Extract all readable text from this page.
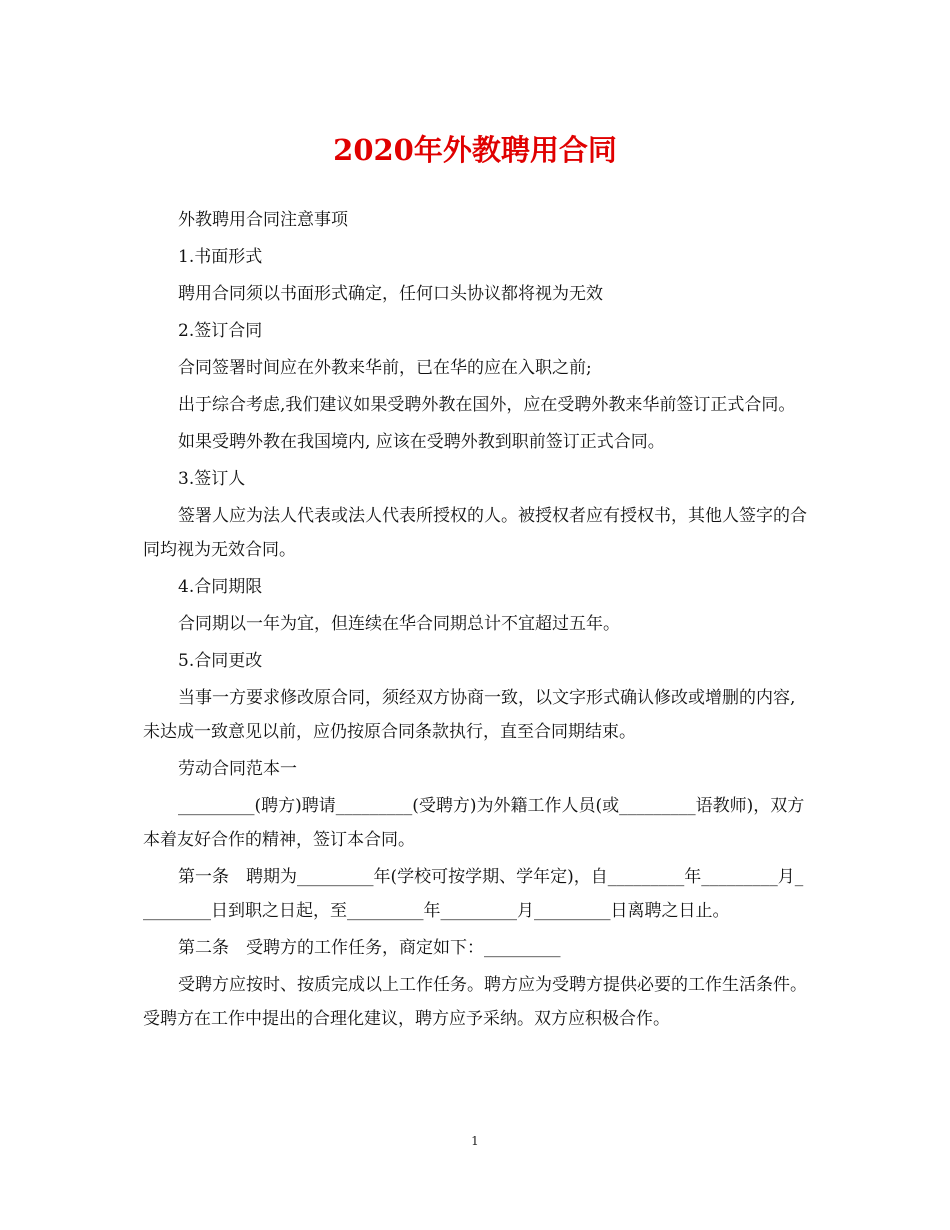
2020年外教聘用合同

外教聘用合同注意事项

1.书面形式

聘用合同须以书面形式确定，任何口头协议都将视为无效

2.签订合同

合同签署时间应在外教来华前，已在华的应在入职之前;

出于综合考虑,我们建议如果受聘外教在国外，应在受聘外教来华前签订正式合同。

如果受聘外教在我国境内, 应该在受聘外教到职前签订正式合同。

3.签订人

签署人应为法人代表或法人代表所授权的人。被授权者应有授权书，其他人签字的合同均视为无效合同。

4.合同期限

合同期以一年为宜，但连续在华合同期总计不宜超过五年。

5.合同更改

当事一方要求修改原合同，须经双方协商一致，以文字形式确认修改或增删的内容,未达成一致意见以前，应仍按原合同条款执行，直至合同期结束。

劳动合同范本一

_________(聘方)聘请_________(受聘方)为外籍工作人员(或_________语教师)，双方本着友好合作的精神，签订本合同。

第一条　聘期为_________年(学校可按学期、学年定)，自_________年_________月_________日到职之日起，至_________年_________月_________日离聘之日止。

第二条　受聘方的工作任务，商定如下：_________

受聘方应按时、按质完成以上工作任务。聘方应为受聘方提供必要的工作生活条件。受聘方在工作中提出的合理化建议，聘方应予采纳。双方应积极合作。

1
